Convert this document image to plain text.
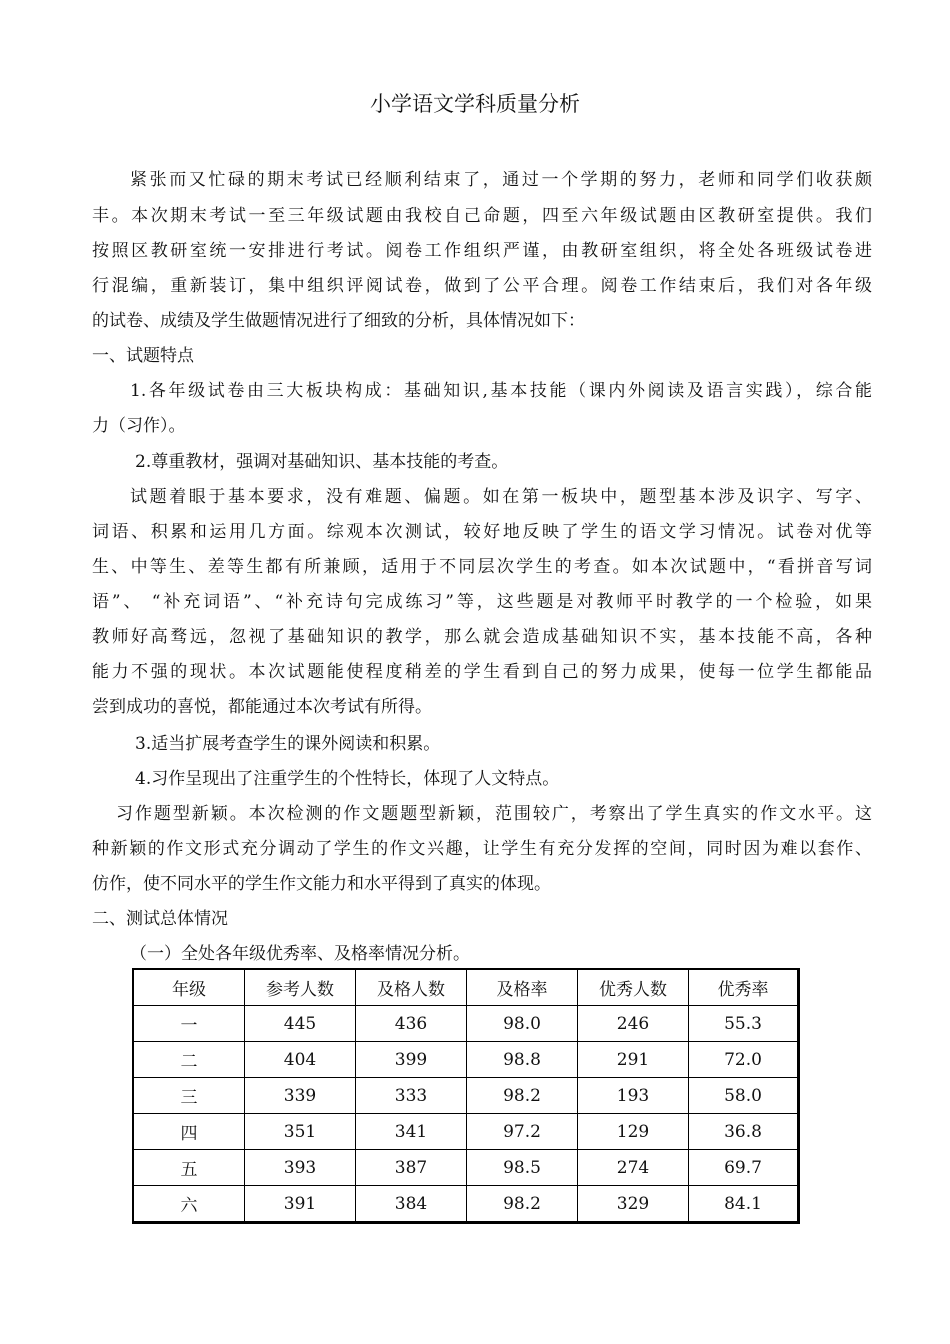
小学语文学科质量分析
紧张而又忙碌的期末考试已经顺利结束了，通过一个学期的努力，老师和同学们收获颇
丰。本次期末考试一至三年级试题由我校自己命题，四至六年级试题由区教研室提供。我们
按照区教研室统一安排进行考试。阅卷工作组织严谨，由教研室组织，将全处各班级试卷进
行混编，重新装订，集中组织评阅试卷，做到了公平合理。阅卷工作结束后，我们对各年级
的试卷、成绩及学生做题情况进行了细致的分析，具体情况如下：
一、试题特点
1.各年级试卷由三大板块构成：基础知识,基本技能（课内外阅读及语言实践），综合能
力（习作）。
2.尊重教材，强调对基础知识、基本技能的考查。
试题着眼于基本要求，没有难题、偏题。如在第一板块中，题型基本涉及识字、写字、
词语、积累和运用几方面。综观本次测试，较好地反映了学生的语文学习情况。试卷对优等
生、中等生、差等生都有所兼顾，适用于不同层次学生的考查。如本次试题中，“看拼音写词
语”、 “补充词语”、“补充诗句完成练习”等，这些题是对教师平时教学的一个检验，如果
教师好高骛远，忽视了基础知识的教学，那么就会造成基础知识不实，基本技能不高，各种
能力不强的现状。本次试题能使程度稍差的学生看到自己的努力成果，使每一位学生都能品
尝到成功的喜悦，都能通过本次考试有所得。
3.适当扩展考查学生的课外阅读和积累。
4.习作呈现出了注重学生的个性特长，体现了人文特点。
习作题型新颖。本次检测的作文题题型新颖，范围较广，考察出了学生真实的作文水平。这
种新颖的作文形式充分调动了学生的作文兴趣，让学生有充分发挥的空间，同时因为难以套作、
仿作，使不同水平的学生作文能力和水平得到了真实的体现。
二、测试总体情况
（一）全处各年级优秀率、及格率情况分析。
年级	参考人数	及格人数	及格率	优秀人数	优秀率
一	445	436	98.0	246	55.3
二	404	399	98.8	291	72.0
三	339	333	98.2	193	58.0
四	351	341	97.2	129	36.8
五	393	387	98.5	274	69.7
六	391	384	98.2	329	84.1
